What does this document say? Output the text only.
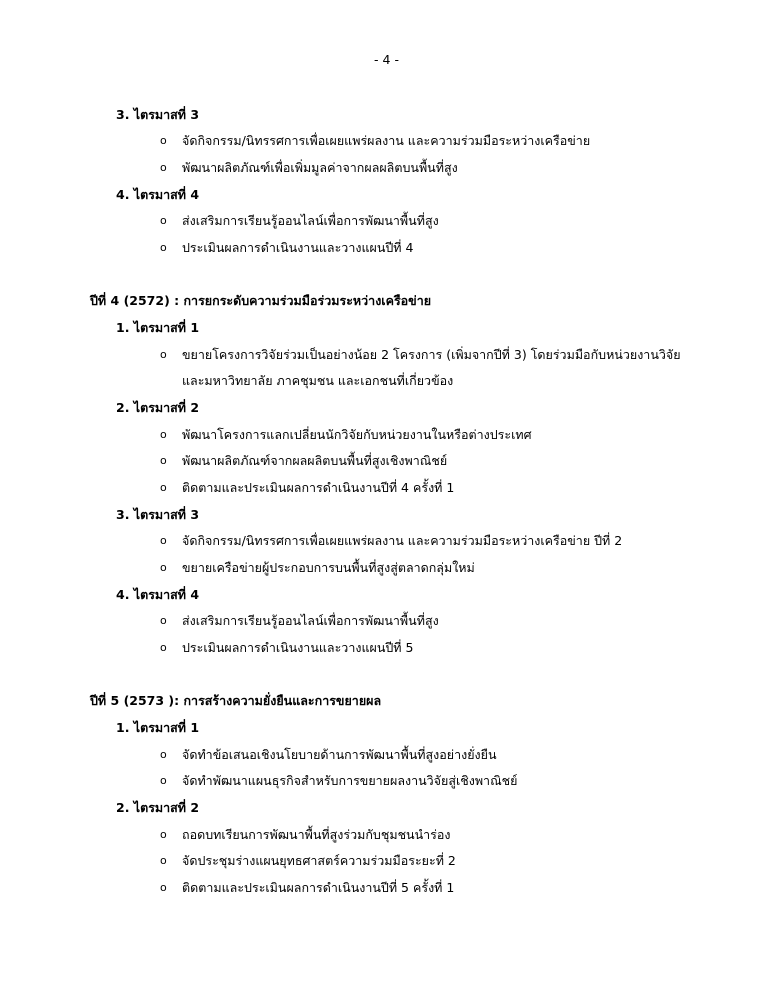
- 4 -
3. ไตรมาสที่ 3
o จัดกิจกรรม/นิทรรศการเพื่อเผยแพร่ผลงาน และความร่วมมือระหว่างเครือข่าย
o พัฒนาผลิตภัณฑ์เพื่อเพิ่มมูลค่าจากผลผลิตบนพื้นที่สูง
4. ไตรมาสที่ 4
o ส่งเสริมการเรียนรู้ออนไลน์เพื่อการพัฒนาพื้นที่สูง
o ประเมินผลการดำเนินงานและวางแผนปีที่ 4
ปีที่ 4 (2572) : การยกระดับความร่วมมือร่วมระหว่างเครือข่าย
1. ไตรมาสที่ 1
o ขยายโครงการวิจัยร่วมเป็นอย่างน้อย 2 โครงการ (เพิ่มจากปีที่ 3) โดยร่วมมือกับหน่วยงานวิจัย
และมหาวิทยาลัย ภาคชุมชน และเอกชนที่เกี่ยวข้อง
2. ไตรมาสที่ 2
o พัฒนาโครงการแลกเปลี่ยนนักวิจัยกับหน่วยงานในหรือต่างประเทศ
o พัฒนาผลิตภัณฑ์จากผลผลิตบนพื้นที่สูงเชิงพาณิชย์
o ติดตามและประเมินผลการดำเนินงานปีที่ 4 ครั้งที่ 1
3. ไตรมาสที่ 3
o จัดกิจกรรม/นิทรรศการเพื่อเผยแพร่ผลงาน และความร่วมมือระหว่างเครือข่าย ปีที่ 2
o ขยายเครือข่ายผู้ประกอบการบนพื้นที่สูงสู่ตลาดกลุ่มใหม่
4. ไตรมาสที่ 4
o ส่งเสริมการเรียนรู้ออนไลน์เพื่อการพัฒนาพื้นที่สูง
o ประเมินผลการดำเนินงานและวางแผนปีที่ 5
ปีที่ 5 (2573 ): การสร้างความยั่งยืนและการขยายผล
1. ไตรมาสที่ 1
o จัดทำข้อเสนอเชิงนโยบายด้านการพัฒนาพื้นที่สูงอย่างยั่งยืน
o จัดทำพัฒนาแผนธุรกิจสำหรับการขยายผลงานวิจัยสู่เชิงพาณิชย์
2. ไตรมาสที่ 2
o ถอดบทเรียนการพัฒนาพื้นที่สูงร่วมกับชุมชนนำร่อง
o จัดประชุมร่างแผนยุทธศาสตร์ความร่วมมือระยะที่ 2
o ติดตามและประเมินผลการดำเนินงานปีที่ 5 ครั้งที่ 1
